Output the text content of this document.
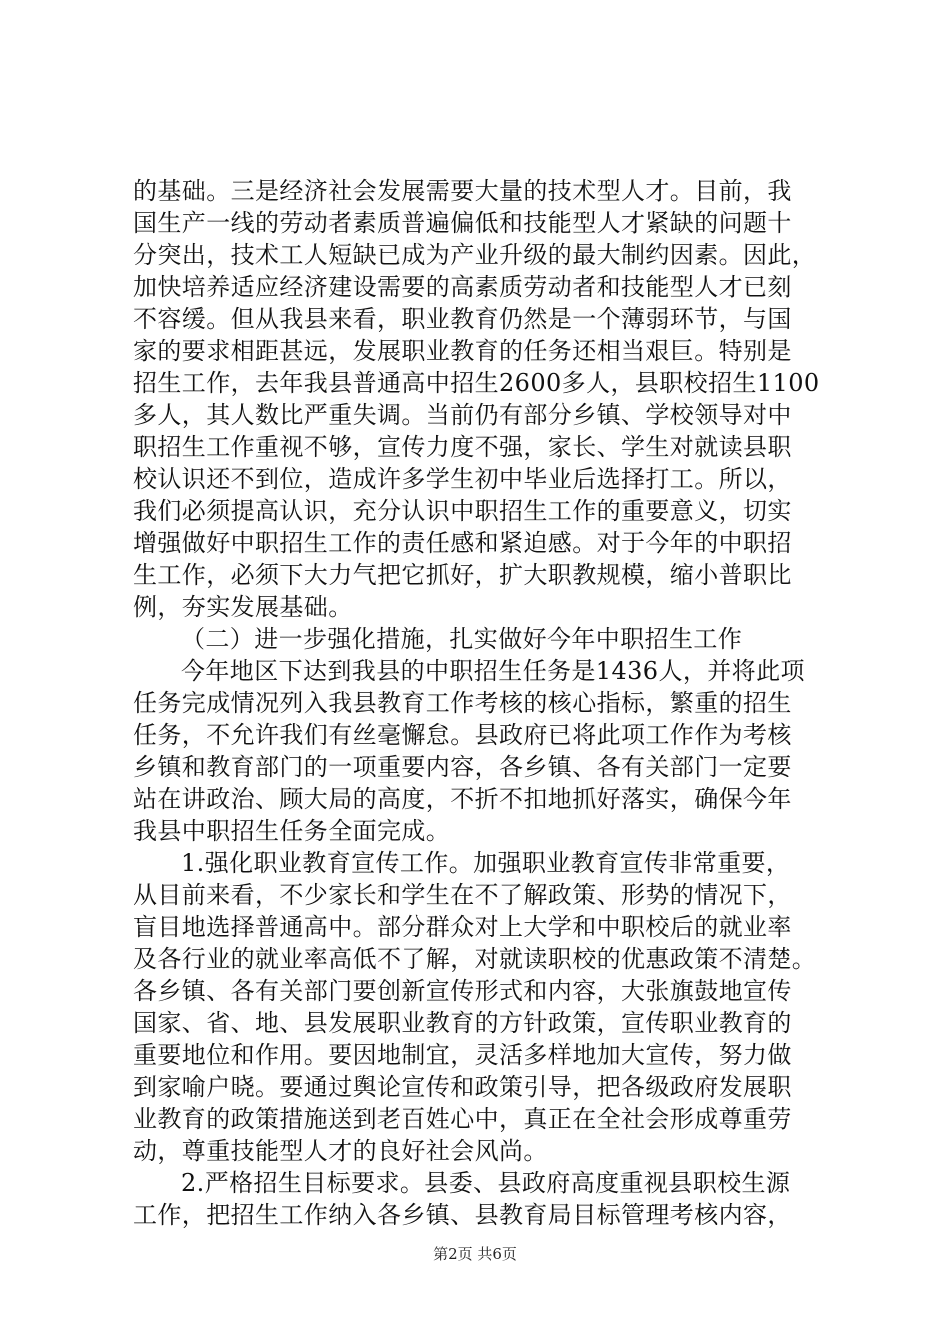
的基础。三是经济社会发展需要大量的技术型人才。目前，我
国生产一线的劳动者素质普遍偏低和技能型人才紧缺的问题十
分突出，技术工人短缺已成为产业升级的最大制约因素。因此，
加快培养适应经济建设需要的高素质劳动者和技能型人才已刻
不容缓。但从我县来看，职业教育仍然是一个薄弱环节，与国
家的要求相距甚远，发展职业教育的任务还相当艰巨。特别是
招生工作，去年我县普通高中招生2600多人，县职校招生1100
多人，其人数比严重失调。当前仍有部分乡镇、学校领导对中
职招生工作重视不够，宣传力度不强，家长、学生对就读县职
校认识还不到位，造成许多学生初中毕业后选择打工。所以，
我们必须提高认识，充分认识中职招生工作的重要意义，切实
增强做好中职招生工作的责任感和紧迫感。对于今年的中职招
生工作，必须下大力气把它抓好，扩大职教规模，缩小普职比
例，夯实发展基础。
（二）进一步强化措施，扎实做好今年中职招生工作
今年地区下达到我县的中职招生任务是1436人，并将此项
任务完成情况列入我县教育工作考核的核心指标，繁重的招生
任务，不允许我们有丝毫懈怠。县政府已将此项工作作为考核
乡镇和教育部门的一项重要内容，各乡镇、各有关部门一定要
站在讲政治、顾大局的高度，不折不扣地抓好落实，确保今年
我县中职招生任务全面完成。
1.强化职业教育宣传工作。加强职业教育宣传非常重要，
从目前来看，不少家长和学生在不了解政策、形势的情况下，
盲目地选择普通高中。部分群众对上大学和中职校后的就业率
及各行业的就业率高低不了解，对就读职校的优惠政策不清楚。
各乡镇、各有关部门要创新宣传形式和内容，大张旗鼓地宣传
国家、省、地、县发展职业教育的方针政策，宣传职业教育的
重要地位和作用。要因地制宜，灵活多样地加大宣传，努力做
到家喻户晓。要通过舆论宣传和政策引导，把各级政府发展职
业教育的政策措施送到老百姓心中，真正在全社会形成尊重劳
动，尊重技能型人才的良好社会风尚。
2.严格招生目标要求。县委、县政府高度重视县职校生源
工作，把招生工作纳入各乡镇、县教育局目标管理考核内容，
第2页 共6页
